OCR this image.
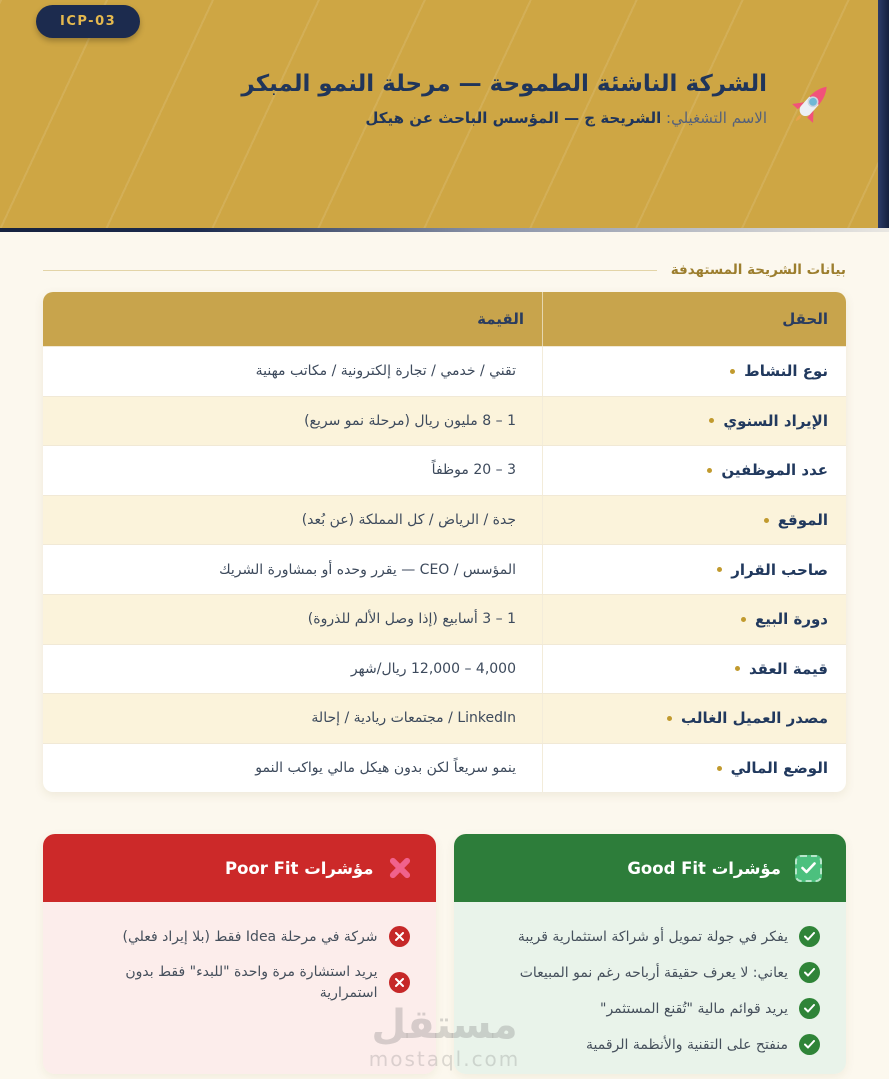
ICP-03
الشركة الناشئة الطموحة — مرحلة النمو المبكر
الاسم التشغيلي: الشريحة ج — المؤسس الباحث عن هيكل
بيانات الشريحة المستهدفة
الحقل
القيمة
نوع النشاط
تقني / خدمي / تجارة إلكترونية / مكاتب مهنية
الإيراد السنوي
1 – 8 مليون ريال (مرحلة نمو سريع)
عدد الموظفين
3 – 20 موظفاً
الموقع
جدة / الرياض / كل المملكة (عن بُعد)
صاحب القرار
المؤسس / CEO — يقرر وحده أو بمشاورة الشريك
دورة البيع
1 – 3 أسابيع (إذا وصل الألم للذروة)
قيمة العقد
4,000 – 12,000 ريال/شهر
مصدر العميل الغالب
LinkedIn / مجتمعات ريادية / إحالة
الوضع المالي
ينمو سريعاً لكن بدون هيكل مالي يواكب النمو
مؤشرات Good Fit
يفكر في جولة تمويل أو شراكة استثمارية قريبة
يعاني: لا يعرف حقيقة أرباحه رغم نمو المبيعات
يريد قوائم مالية "تُقنع المستثمر"
منفتح على التقنية والأنظمة الرقمية
مؤشرات Poor Fit
شركة في مرحلة Idea فقط (بلا إيراد فعلي)
يريد استشارة مرة واحدة "للبدء" فقط بدون استمرارية
مستقل
mostaql.com
